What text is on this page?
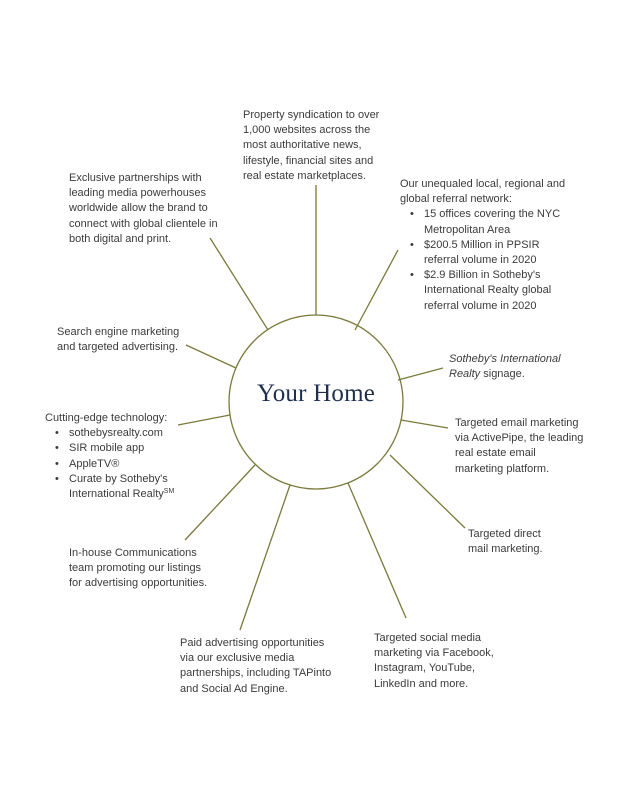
Your Home

Property syndication to over 1,000 websites across the most authoritative news, lifestyle, financial sites and real estate marketplaces.

Exclusive partnerships with leading media powerhouses worldwide allow the brand to connect with global clientele in both digital and print.

Our unequaled local, regional and global referral network:

• 15 offices covering the NYC Metropolitan Area
• $200.5 Million in PPSIR referral volume in 2020
• $2.9 Billion in Sotheby's International Realty global referral volume in 2020

Search engine marketing and targeted advertising.

Sotheby's International Realty signage.

Cutting-edge technology:

• sothebysrealty.com
• SIR mobile app
• AppleTV®
• Curate by Sotheby's International Realty℠

Targeted email marketing via ActivePipe, the leading real estate email marketing platform.

Targeted direct mail marketing.

In-house Communications team promoting our listings for advertising opportunities.

Paid advertising opportunities via our exclusive media partnerships, including TAPinto and Social Ad Engine.

Targeted social media marketing via Facebook, Instagram, YouTube, LinkedIn and more.
